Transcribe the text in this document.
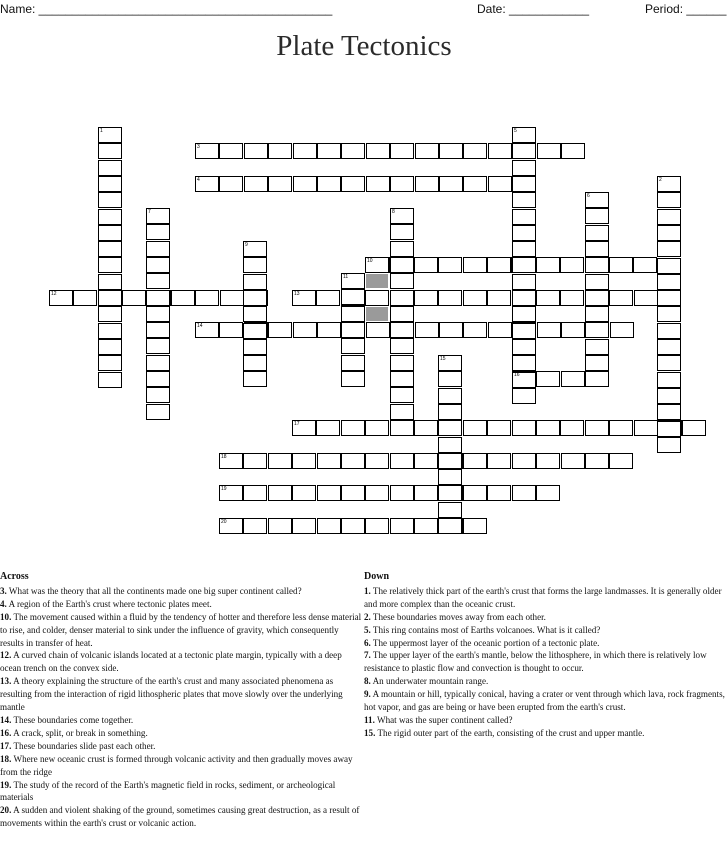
Name: ____________________________________________	Date: ____________	Period: ______
Plate Tectonics
1
2
3
4
5
6
7	8
9
10
11
12	13
14
15
16
17
18
19
20
Across

3. What was the theory that all the continents made one big super continent called?

4. A region of the Earth's crust where tectonic plates meet.

10. The movement caused within a fluid by the tendency of hotter and therefore less dense material to rise, and colder, denser material to sink under the influence of gravity, which consequently results in transfer of heat.

12. A curved chain of volcanic islands located at a tectonic plate margin, typically with a deep ocean trench on the convex side.

13. A theory explaining the structure of the earth's crust and many associated phenomena as resulting from the interaction of rigid lithospheric plates that move slowly over the underlying mantle

14. These boundaries come together.

16. A crack, split, or break in something.

17. These boundaries slide past each other.

18. Where new oceanic crust is formed through volcanic activity and then gradually moves away from the ridge

19. The study of the record of the Earth's magnetic field in rocks, sediment, or archeological materials

20. A sudden and violent shaking of the ground, sometimes causing great destruction, as a result of movements within the earth's crust or volcanic action.

Down

1. The relatively thick part of the earth's crust that forms the large landmasses. It is generally older and more complex than the oceanic crust.

2. These boundaries moves away from each other.

5. This ring contains most of Earths volcanoes. What is it called?

6. The uppermost layer of the oceanic portion of a tectonic plate.

7. The upper layer of the earth's mantle, below the lithosphere, in which there is relatively low resistance to plastic flow and convection is thought to occur.

8. An underwater mountain range.

9. A mountain or hill, typically conical, having a crater or vent through which lava, rock fragments, hot vapor, and gas are being or have been erupted from the earth's crust.

11. What was the super continent called?

15. The rigid outer part of the earth, consisting of the crust and upper mantle.
